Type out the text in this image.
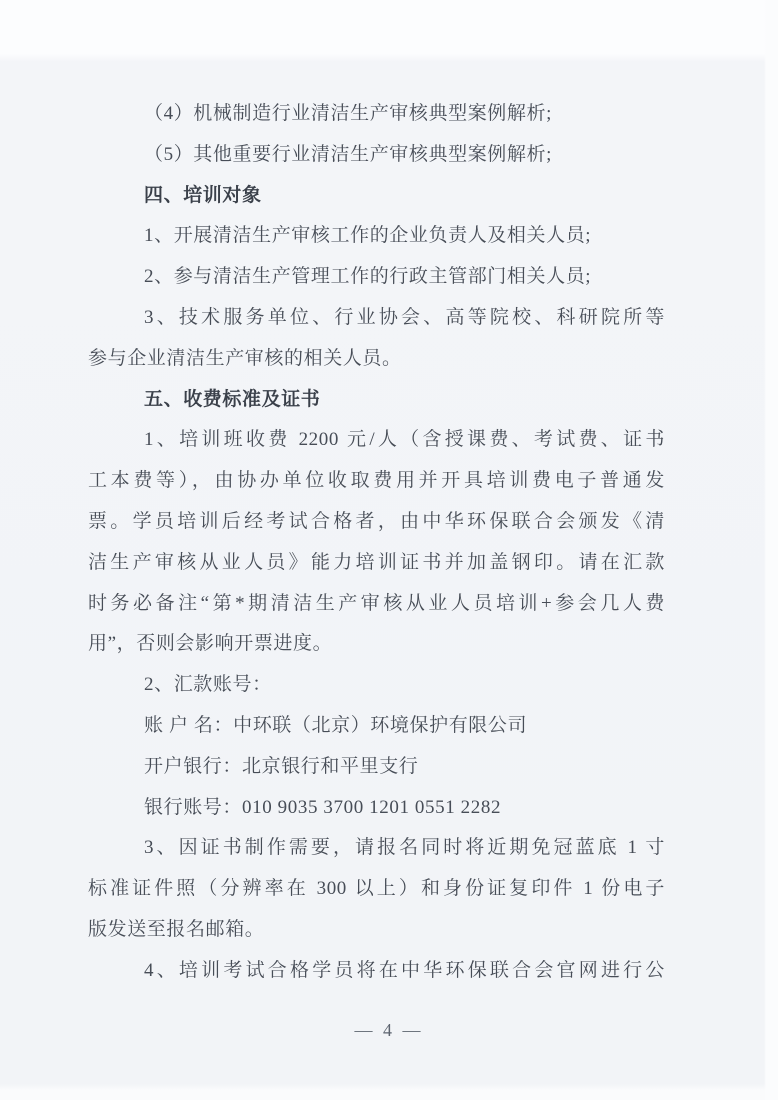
（4）机械制造行业清洁生产审核典型案例解析;
（5）其他重要行业清洁生产审核典型案例解析;
四、培训对象
1、开展清洁生产审核工作的企业负责人及相关人员;
2、参与清洁生产管理工作的行政主管部门相关人员;
3、技术服务单位、行业协会、高等院校、科研院所等
参与企业清洁生产审核的相关人员。
五、收费标准及证书
1、培训班收费 2200 元/人（含授课费、考试费、证书
工本费等），由协办单位收取费用并开具培训费电子普通发
票。学员培训后经考试合格者，由中华环保联合会颁发《清
洁生产审核从业人员》能力培训证书并加盖钢印。请在汇款
时务必备注“第*期清洁生产审核从业人员培训+参会几人费
用”，否则会影响开票进度。
2、汇款账号：
账 户 名：中环联（北京）环境保护有限公司
开户银行：北京银行和平里支行
银行账号：010 9035 3700 1201 0551 2282
3、因证书制作需要，请报名同时将近期免冠蓝底 1 寸
标准证件照（分辨率在 300 以上）和身份证复印件 1 份电子
版发送至报名邮箱。
4、培训考试合格学员将在中华环保联合会官网进行公
— 4 —
